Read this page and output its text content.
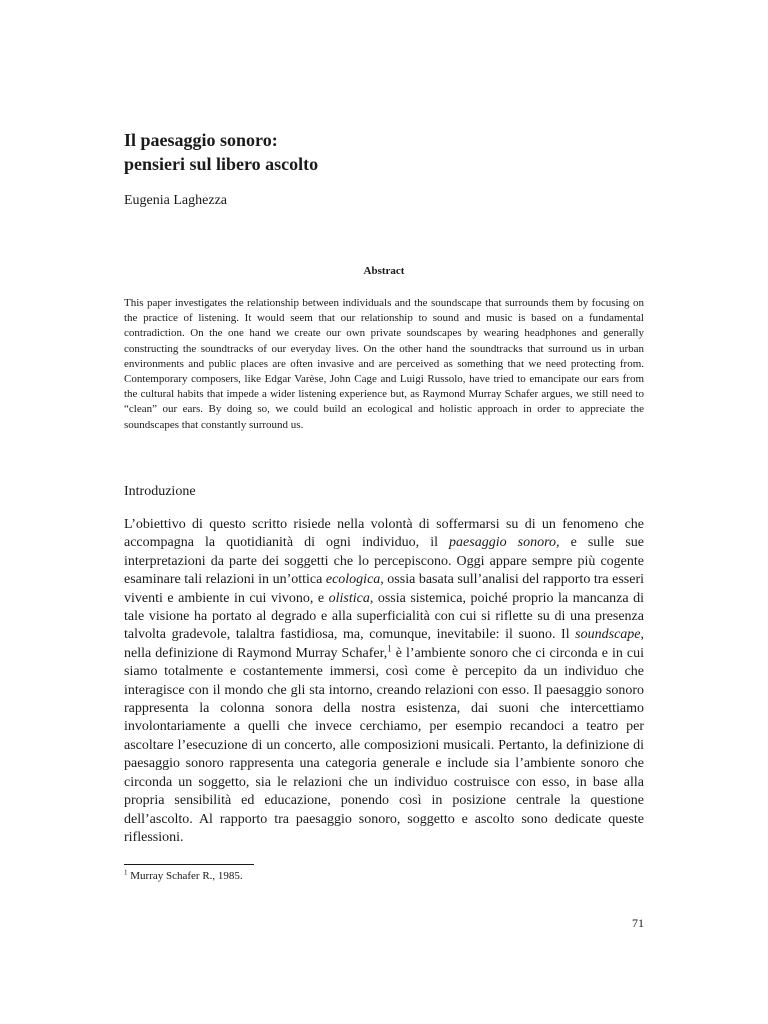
Il paesaggio sonoro:
pensieri sul libero ascolto

Eugenia Laghezza

Abstract

This paper investigates the relationship between individuals and the soundscape that surrounds them by focusing on the practice of listening. It would seem that our relationship to sound and music is based on a fundamental contradiction. On the one hand we create our own private soundscapes by wearing headphones and generally constructing the soundtracks of our everyday lives. On the other hand the soundtracks that surround us in urban environments and public places are often invasive and are perceived as something that we need protecting from. Contemporary composers, like Edgar Varèse, John Cage and Luigi Russolo, have tried to emancipate our ears from the cultural habits that impede a wider listening experience but, as Raymond Murray Schafer argues, we still need to “clean” our ears. By doing so, we could build an ecological and holistic approach in order to appreciate the soundscapes that constantly surround us.

Introduzione

L’obiettivo di questo scritto risiede nella volontà di soffermarsi su di un fenomeno che accompagna la quotidianità di ogni individuo, il paesaggio sonoro, e sulle sue interpretazioni da parte dei soggetti che lo percepiscono. Oggi appare sempre più cogente esaminare tali relazioni in un’ottica ecologica, ossia basata sull’analisi del rapporto tra esseri viventi e ambiente in cui vivono, e olistica, ossia sistemica, poiché proprio la mancanza di tale visione ha portato al degrado e alla superficialità con cui si riflette su di una presenza talvolta gradevole, talaltra fastidiosa, ma, comunque, inevitabile: il suono. Il soundscape, nella definizione di Raymond Murray Schafer,$^1$ è l’ambiente sonoro che ci circonda e in cui siamo totalmente e costantemente immersi, così come è percepito da un individuo che interagisce con il mondo che gli sta intorno, creando relazioni con esso. Il paesaggio sonoro rappresenta la colonna sonora della nostra esistenza, dai suoni che intercettiamo involontariamente a quelli che invece cerchiamo, per esempio recandoci a teatro per ascoltare l’esecuzione di un concerto, alle composizioni musicali. Pertanto, la definizione di paesaggio sonoro rappresenta una categoria generale e include sia l’ambiente sonoro che circonda un soggetto, sia le relazioni che un individuo costruisce con esso, in base alla propria sensibilità ed educazione, ponendo così in posizione centrale la questione dell’ascolto. Al rapporto tra paesaggio sonoro, soggetto e ascolto sono dedicate queste riflessioni.

$^1$ Murray Schafer R., 1985.

71
